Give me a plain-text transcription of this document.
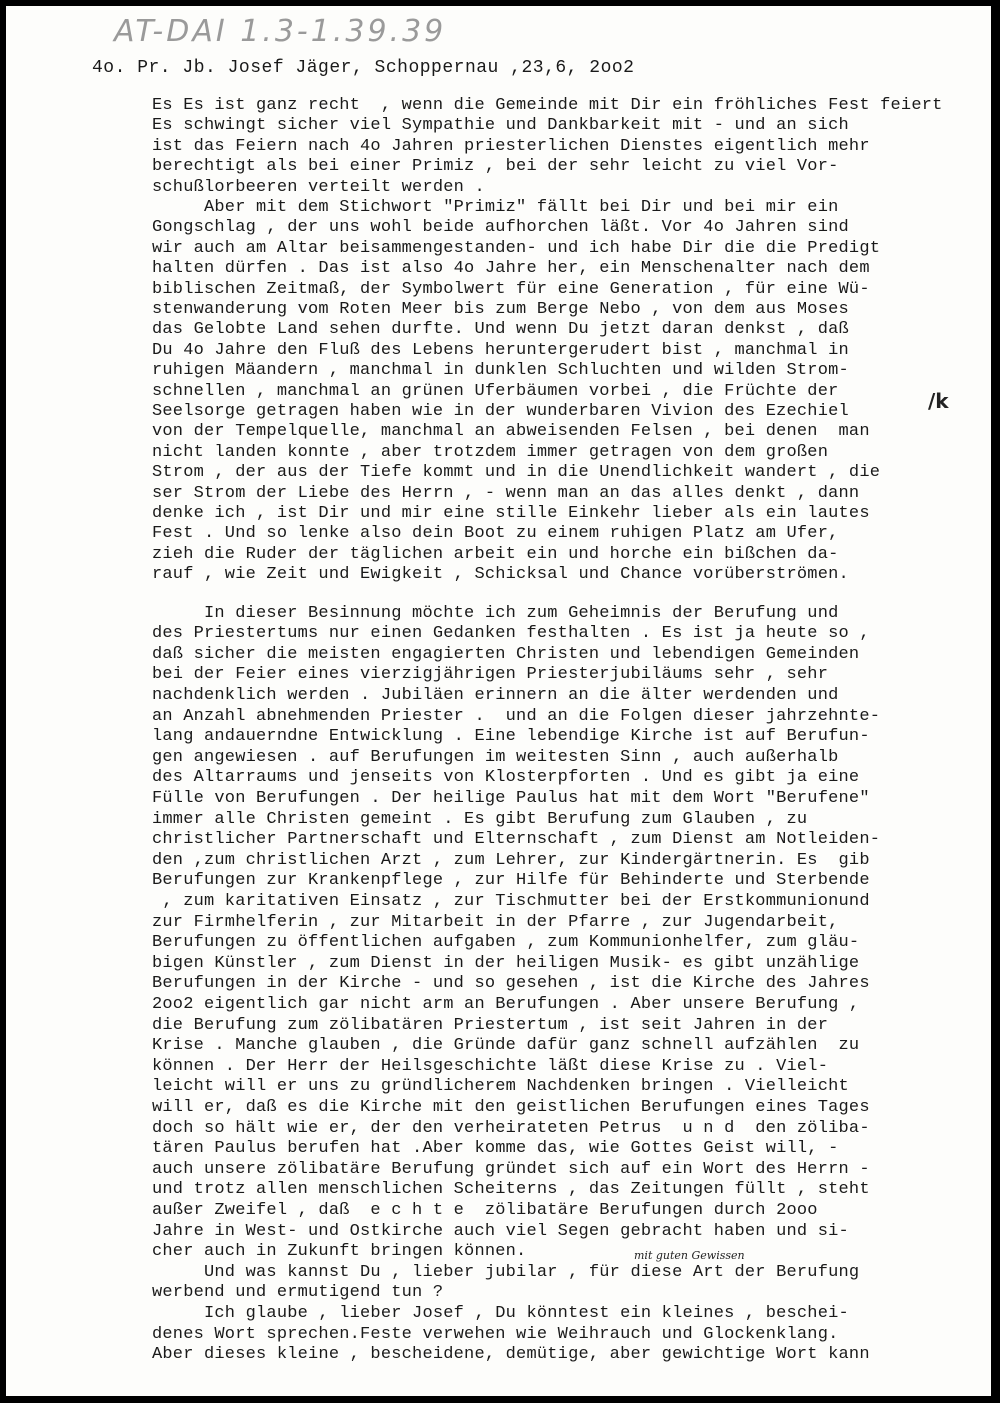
AT-DAI 1.3-1.39.39
4o. Pr. Jb. Josef Jäger, Schoppernau ,23,6, 2oo2
Es Es ist ganz recht  , wenn die Gemeinde mit Dir ein fröhliches Fest feiert
Es schwingt sicher viel Sympathie und Dankbarkeit mit - und an sich
ist das Feiern nach 4o Jahren priesterlichen Dienstes eigentlich mehr
berechtigt als bei einer Primiz , bei der sehr leicht zu viel Vor-
schußlorbeeren verteilt werden .
Aber mit dem Stichwort "Primiz" fällt bei Dir und bei mir ein
Gongschlag , der uns wohl beide aufhorchen läßt. Vor 4o Jahren sind
wir auch am Altar beisammengestanden- und ich habe Dir die die Predigt
halten dürfen . Das ist also 4o Jahre her, ein Menschenalter nach dem
biblischen Zeitmaß, der Symbolwert für eine Generation , für eine Wü-
stenwanderung vom Roten Meer bis zum Berge Nebo , von dem aus Moses
das Gelobte Land sehen durfte. Und wenn Du jetzt daran denkst , daß
Du 4o Jahre den Fluß des Lebens heruntergerudert bist , manchmal in
ruhigen Mäandern , manchmal in dunklen Schluchten und wilden Strom-
schnellen , manchmal an grünen Uferbäumen vorbei , die Früchte der
Seelsorge getragen haben wie in der wunderbaren Vivion des Ezechiel
von der Tempelquelle, manchmal an abweisenden Felsen , bei denen  man
nicht landen konnte , aber trotzdem immer getragen von dem großen
Strom , der aus der Tiefe kommt und in die Unendlichkeit wandert , die
ser Strom der Liebe des Herrn , - wenn man an das alles denkt , dann
denke ich , ist Dir und mir eine stille Einkehr lieber als ein lautes
Fest . Und so lenke also dein Boot zu einem ruhigen Platz am Ufer,
zieh die Ruder der täglichen arbeit ein und horche ein bißchen da-
rauf , wie Zeit und Ewigkeit , Schicksal und Chance vorüberströmen.
In dieser Besinnung möchte ich zum Geheimnis der Berufung und
des Priestertums nur einen Gedanken festhalten . Es ist ja heute so ,
daß sicher die meisten engagierten Christen und lebendigen Gemeinden
bei der Feier eines vierzigjährigen Priesterjubiläums sehr , sehr
nachdenklich werden . Jubiläen erinnern an die älter werdenden und
an Anzahl abnehmenden Priester .  und an die Folgen dieser jahrzehnte-
lang andauerndne Entwicklung . Eine lebendige Kirche ist auf Berufun-
gen angewiesen . auf Berufungen im weitesten Sinn , auch außerhalb
des Altarraums und jenseits von Klosterpforten . Und es gibt ja eine
Fülle von Berufungen . Der heilige Paulus hat mit dem Wort "Berufene"
immer alle Christen gemeint . Es gibt Berufung zum Glauben , zu
christlicher Partnerschaft und Elternschaft , zum Dienst am Notleiden-
den ,zum christlichen Arzt , zum Lehrer, zur Kindergärtnerin. Es  gib
Berufungen zur Krankenpflege , zur Hilfe für Behinderte und Sterbende
, zum karitativen Einsatz , zur Tischmutter bei der Erstkommunionund
zur Firmhelferin , zur Mitarbeit in der Pfarre , zur Jugendarbeit,
Berufungen zu öffentlichen aufgaben , zum Kommunionhelfer, zum gläu-
bigen Künstler , zum Dienst in der heiligen Musik- es gibt unzählige
Berufungen in der Kirche - und so gesehen , ist die Kirche des Jahres
2oo2 eigentlich gar nicht arm an Berufungen . Aber unsere Berufung ,
die Berufung zum zölibatären Priestertum , ist seit Jahren in der
Krise . Manche glauben , die Gründe dafür ganz schnell aufzählen  zu
können . Der Herr der Heilsgeschichte läßt diese Krise zu . Viel-
leicht will er uns zu gründlicherem Nachdenken bringen . Vielleicht
will er, daß es die Kirche mit den geistlichen Berufungen eines Tages
doch so hält wie er, der den verheirateten Petrus  u n d  den zöliba-
tären Paulus berufen hat .Aber komme das, wie Gottes Geist will, -
auch unsere zölibatäre Berufung gründet sich auf ein Wort des Herrn -
und trotz allen menschlichen Scheiterns , das Zeitungen füllt , steht
außer Zweifel , daß  e c h t e  zölibatäre Berufungen durch 2ooo
Jahre in West- und Ostkirche auch viel Segen gebracht haben und si-
cher auch in Zukunft bringen können.
Und was kannst Du , lieber jubilar , für diese Art der Berufung
werbend und ermutigend tun ?
Ich glaube , lieber Josef , Du könntest ein kleines , beschei-
denes Wort sprechen.Feste verwehen wie Weihrauch und Glockenklang.
Aber dieses kleine , bescheidene, demütige, aber gewichtige Wort kann
/k
mit guten Gewissen
